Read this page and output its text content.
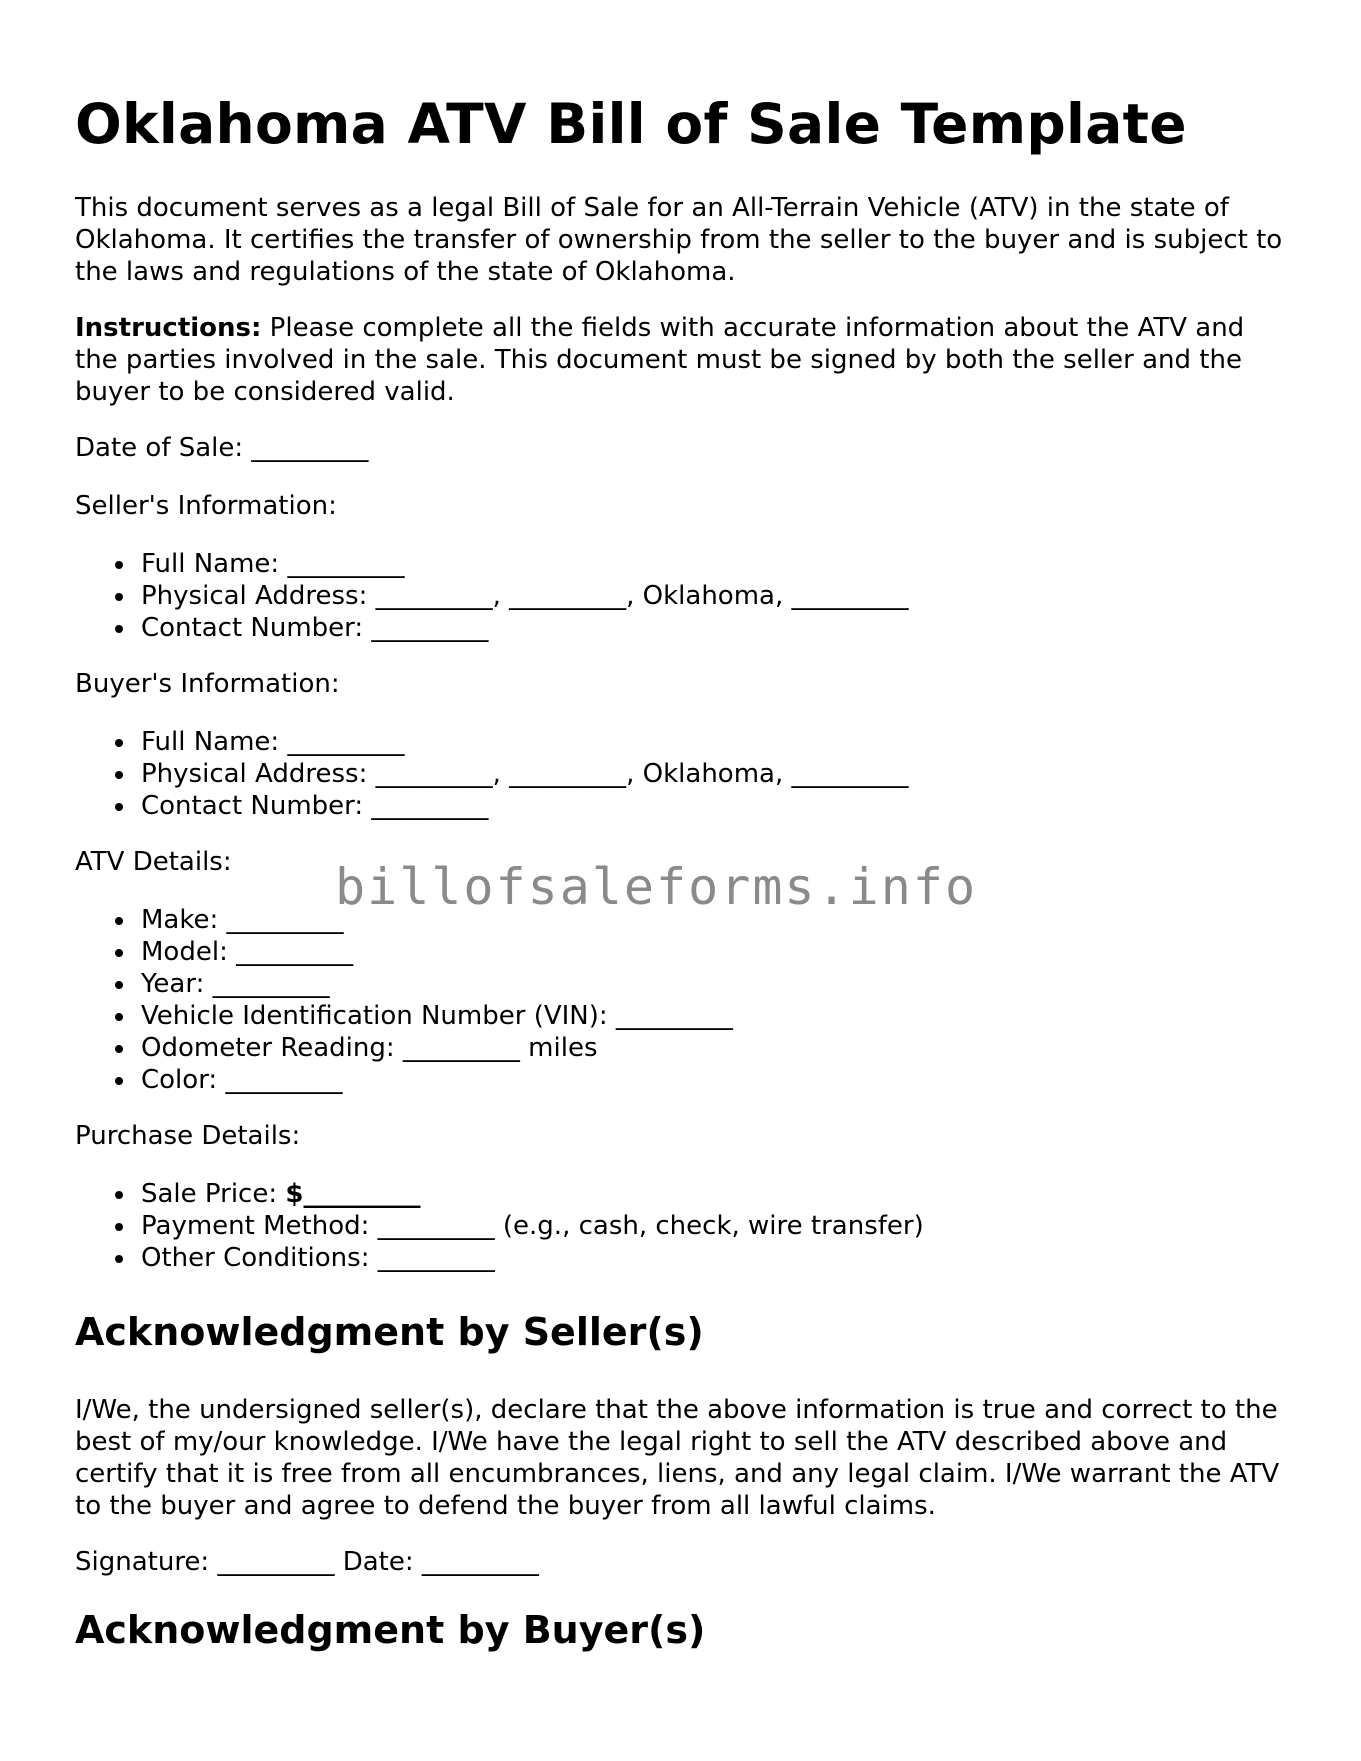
Oklahoma ATV Bill of Sale Template
This document serves as a legal Bill of Sale for an All-Terrain Vehicle (ATV) in the state of Oklahoma. It certifies the transfer of ownership from the seller to the buyer and is subject to the laws and regulations of the state of Oklahoma.
Instructions: Please complete all the fields with accurate information about the ATV and the parties involved in the sale. This document must be signed by both the seller and the buyer to be considered valid.
Date of Sale: _________
Seller's Information:
Full Name: _________
Physical Address: _________, _________, Oklahoma, _________
Contact Number: _________
Buyer's Information:
Full Name: _________
Physical Address: _________, _________, Oklahoma, _________
Contact Number: _________
ATV Details:
Make: _________
Model: _________
Year: _________
Vehicle Identification Number (VIN): _________
Odometer Reading: _________ miles
Color: _________
Purchase Details:
Sale Price: $_________
Payment Method: _________ (e.g., cash, check, wire transfer)
Other Conditions: _________
Acknowledgment by Seller(s)
I/We, the undersigned seller(s), declare that the above information is true and correct to the best of my/our knowledge. I/We have the legal right to sell the ATV described above and certify that it is free from all encumbrances, liens, and any legal claim. I/We warrant the ATV to the buyer and agree to defend the buyer from all lawful claims.
Signature: _________ Date: _________
Acknowledgment by Buyer(s)
billofsaleforms.info
